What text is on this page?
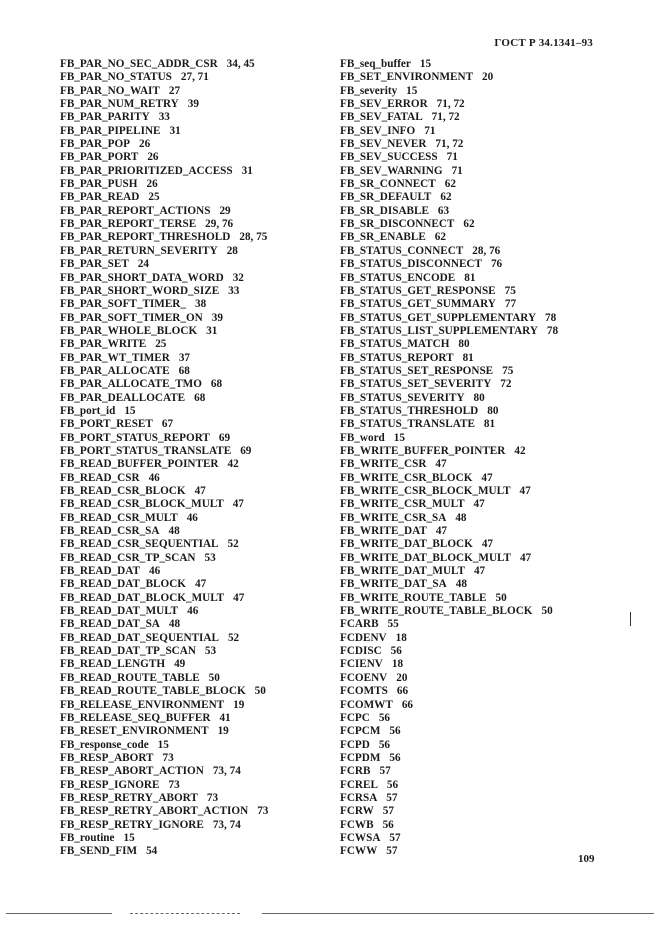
ГОСТ Р 34.1341–93
FB_PAR_NO_SEC_ADDR_CSR 34, 45
FB_PAR_NO_STATUS 27, 71
FB_PAR_NO_WAIT 27
FB_PAR_NUM_RETRY 39
FB_PAR_PARITY 33
FB_PAR_PIPELINE 31
FB_PAR_POP 26
FB_PAR_PORT 26
FB_PAR_PRIORITIZED_ACCESS 31
FB_PAR_PUSH 26
FB_PAR_READ 25
FB_PAR_REPORT_ACTIONS 29
FB_PAR_REPORT_TERSE 29, 76
FB_PAR_REPORT_THRESHOLD 28, 75
FB_PAR_RETURN_SEVERITY 28
FB_PAR_SET 24
FB_PAR_SHORT_DATA_WORD 32
FB_PAR_SHORT_WORD_SIZE 33
FB_PAR_SOFT_TIMER_ 38
FB_PAR_SOFT_TIMER_ON 39
FB_PAR_WHOLE_BLOCK 31
FB_PAR_WRITE 25
FB_PAR_WT_TIMER 37
FB_PAR_ALLOCATE 68
FB_PAR_ALLOCATE_TMO 68
FB_PAR_DEALLOCATE 68
FB_port_id 15
FB_PORT_RESET 67
FB_PORT_STATUS_REPORT 69
FB_PORT_STATUS_TRANSLATE 69
FB_READ_BUFFER_POINTER 42
FB_READ_CSR 46
FB_READ_CSR_BLOCK 47
FB_READ_CSR_BLOCK_MULT 47
FB_READ_CSR_MULT 46
FB_READ_CSR_SA 48
FB_READ_CSR_SEQUENTIAL 52
FB_READ_CSR_TP_SCAN 53
FB_READ_DAT 46
FB_READ_DAT_BLOCK 47
FB_READ_DAT_BLOCK_MULT 47
FB_READ_DAT_MULT 46
FB_READ_DAT_SA 48
FB_READ_DAT_SEQUENTIAL 52
FB_READ_DAT_TP_SCAN 53
FB_READ_LENGTH 49
FB_READ_ROUTE_TABLE 50
FB_READ_ROUTE_TABLE_BLOCK 50
FB_RELEASE_ENVIRONMENT 19
FB_RELEASE_SEQ_BUFFER 41
FB_RESET_ENVIRONMENT 19
FB_response_code 15
FB_RESP_ABORT 73
FB_RESP_ABORT_ACTION 73, 74
FB_RESP_IGNORE 73
FB_RESP_RETRY_ABORT 73
FB_RESP_RETRY_ABORT_ACTION 73
FB_RESP_RETRY_IGNORE 73, 74
FB_routine 15
FB_SEND_FIM 54
FB_seq_buffer 15
FB_SET_ENVIRONMENT 20
FB_severity 15
FB_SEV_ERROR 71, 72
FB_SEV_FATAL 71, 72
FB_SEV_INFO 71
FB_SEV_NEVER 71, 72
FB_SEV_SUCCESS 71
FB_SEV_WARNING 71
FB_SR_CONNECT 62
FB_SR_DEFAULT 62
FB_SR_DISABLE 63
FB_SR_DISCONNECT 62
FB_SR_ENABLE 62
FB_STATUS_CONNECT 28, 76
FB_STATUS_DISCONNECT 76
FB_STATUS_ENCODE 81
FB_STATUS_GET_RESPONSE 75
FB_STATUS_GET_SUMMARY 77
FB_STATUS_GET_SUPPLEMENTARY 78
FB_STATUS_LIST_SUPPLEMENTARY 78
FB_STATUS_MATCH 80
FB_STATUS_REPORT 81
FB_STATUS_SET_RESPONSE 75
FB_STATUS_SET_SEVERITY 72
FB_STATUS_SEVERITY 80
FB_STATUS_THRESHOLD 80
FB_STATUS_TRANSLATE 81
FB_word 15
FB_WRITE_BUFFER_POINTER 42
FB_WRITE_CSR 47
FB_WRITE_CSR_BLOCK 47
FB_WRITE_CSR_BLOCK_MULT 47
FB_WRITE_CSR_MULT 47
FB_WRITE_CSR_SA 48
FB_WRITE_DAT 47
FB_WRITE_DAT_BLOCK 47
FB_WRITE_DAT_BLOCK_MULT 47
FB_WRITE_DAT_MULT 47
FB_WRITE_DAT_SA 48
FB_WRITE_ROUTE_TABLE 50
FB_WRITE_ROUTE_TABLE_BLOCK 50
FCARB 55
FCDENV 18
FCDISC 56
FCIENV 18
FCOENV 20
FCOMTS 66
FCOMWT 66
FCPC 56
FCPCM 56
FCPD 56
FCPDM 56
FCRB 57
FCREL 56
FCRSA 57
FCRW 57
FCWB 56
FCWSA 57
FCWW 57
109
